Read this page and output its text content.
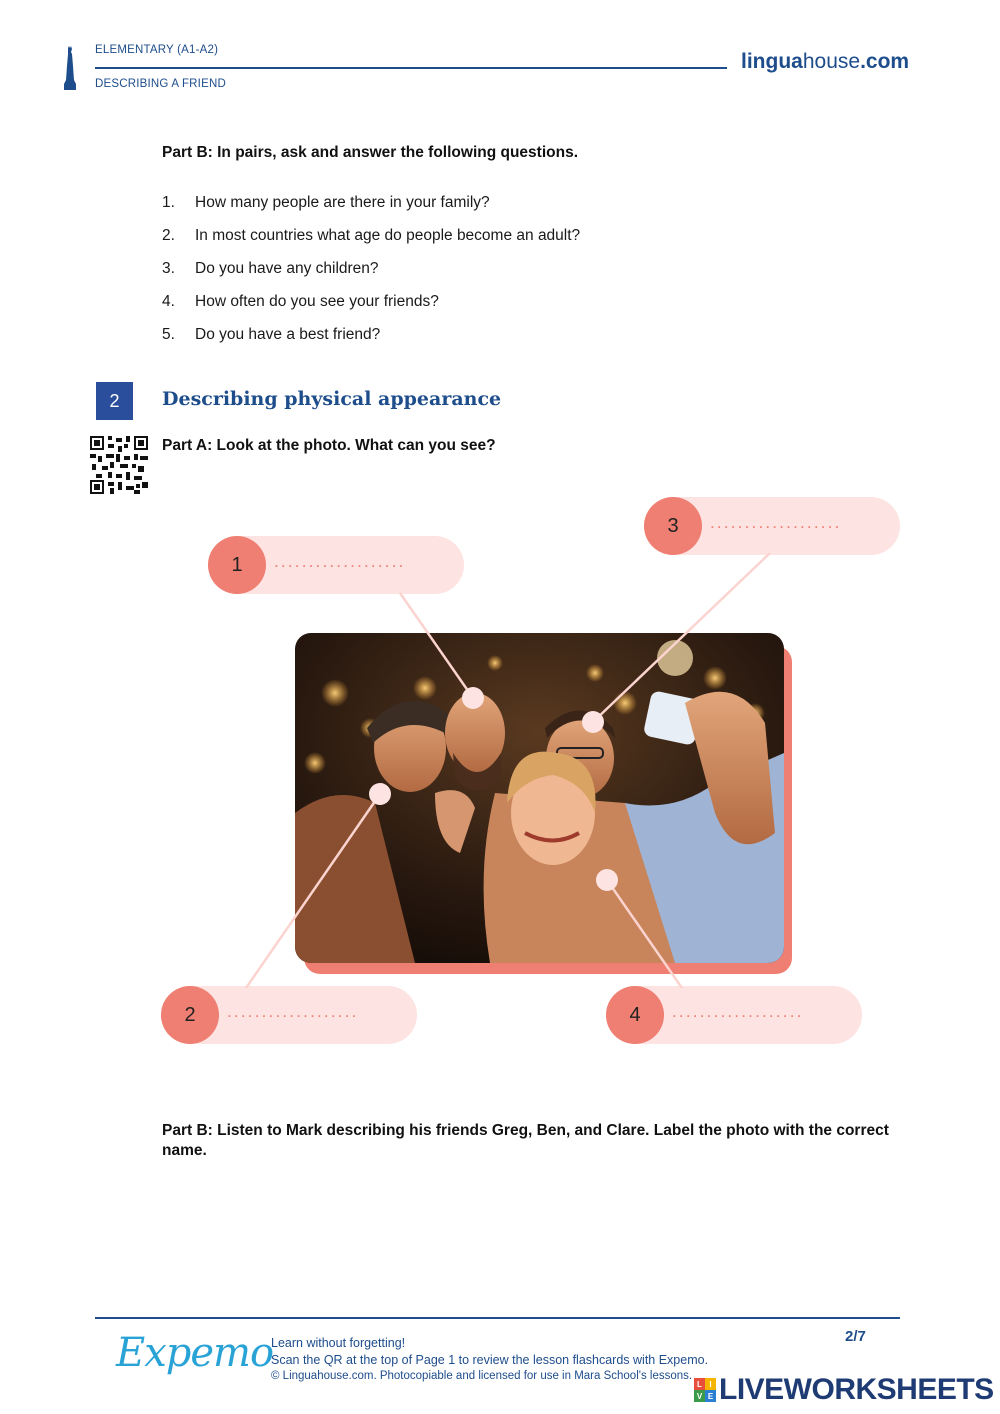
ELEMENTARY (A1-A2)
DESCRIBING A FRIEND
linguahouse.com
Part B: In pairs, ask and answer the following questions.
1. How many people are there in your family?
2. In most countries what age do people become an adult?
3. Do you have any children?
4. How often do you see your friends?
5. Do you have a best friend?
2	Describing physical appearance
Part A: Look at the photo. What can you see?
1	...................
3	...................
2	...................	4	...................
Part B: Listen to Mark describing his friends Greg, Ben, and Clare. Label the photo with the correct name.
Expemo
Learn without forgetting!
Scan the QR at the top of Page 1 to review the lesson flashcards with Expemo.
© Linguahouse.com. Photocopiable and licensed for use in Mara School's lessons.
2/7
L I
V E LIVEWORKSHEETS
